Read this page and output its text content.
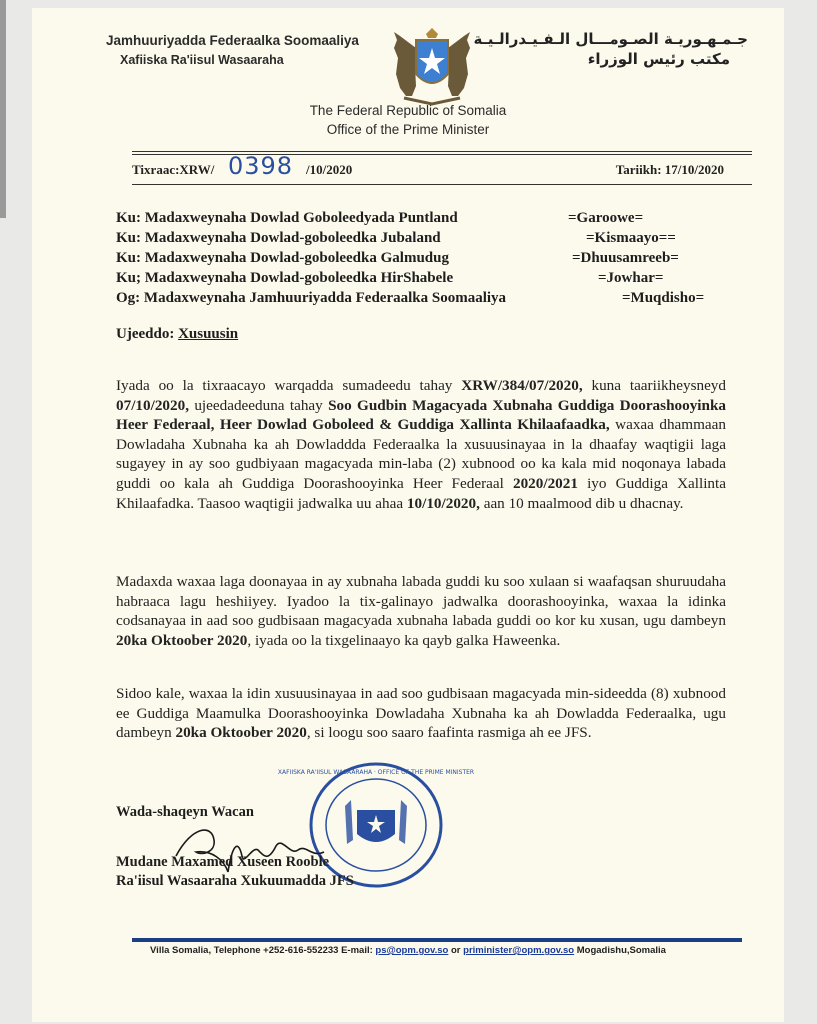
Jamhuuriyadda Federaalka Soomaaliya
Xafiiska Ra'iisul Wasaaraha
جـمـهـوريـة الصـومـــال الـفـيـدرالـيـة
مكتب رئيس الوزراء
The Federal Republic of Somalia
Office of the Prime Minister
Tixraac:XRW/ 0398 /10/2020	Tariikh: 17/10/2020
Ku: Madaxweynaha Dowlad Goboleedyada Puntland	=Garoowe=
Ku: Madaxweynaha Dowlad-goboleedka Jubaland	=Kismaayo==
Ku: Madaxweynaha Dowlad-goboleedka Galmudug	=Dhuusamreeb=
Ku; Madaxweynaha Dowlad-goboleedka HirShabele	=Jowhar=
Og: Madaxweynaha Jamhuuriyadda Federaalka Soomaaliya	=Muqdisho=
Ujeeddo: Xusuusin
Iyada oo la tixraacayo warqadda sumadeedu tahay XRW/384/07/2020, kuna taariikheysneyd 07/10/2020, ujeedadeeduna tahay Soo Gudbin Magacyada Xubnaha Guddiga Doorashooyinka Heer Federaal, Heer Dowlad Goboleed & Guddiga Xallinta Khilaafaadka, waxaa dhammaan Dowladaha Xubnaha ka ah Dowladdda Federaalka la xusuusinayaa in la dhaafay waqtigii laga sugayey in ay soo gudbiyaan magacyada min-laba (2) xubnood oo ka kala mid noqonaya labada guddi oo kala ah Guddiga Doorashooyinka Heer Federaal 2020/2021 iyo Guddiga Xallinta Khilaafadka. Taasoo waqtigii jadwalka uu ahaa 10/10/2020, aan 10 maalmood dib u dhacnay.
Madaxda waxaa laga doonayaa in ay xubnaha labada guddi ku soo xulaan si waafaqsan shuruudaha habraaca lagu heshiiyey. Iyadoo la tix-galinayo jadwalka doorashooyinka, waxaa la idinka codsanayaa in aad soo gudbisaan magacyada xubnaha labada guddi oo kor ku xusan, ugu dambeyn 20ka Oktoober 2020, iyada oo la tixgelinaayo ka qayb galka Haweenka.
Sidoo kale, waxaa la idin xusuusinayaa in aad soo gudbisaan magacyada min-sideedda (8) xubnood ee Guddiga Maamulka Doorashooyinka Dowladaha Xubnaha ka ah Dowladda Federaalka, ugu dambeyn 20ka Oktoober 2020, si loogu soo saaro faafinta rasmiga ah ee JFS.
Wada-shaqeyn Wacan
XAFIISKA RA'IISUL WASAARAHA · OFFICE OF THE PRIME MINISTER
Mudane Maxamed Xuseen Rooble
Ra'iisul Wasaaraha Xukuumadda JFS
Villa Somalia, Telephone +252-616-552233 E-mail: ps@opm.gov.so or priminister@opm.gov.so Mogadishu,Somalia
